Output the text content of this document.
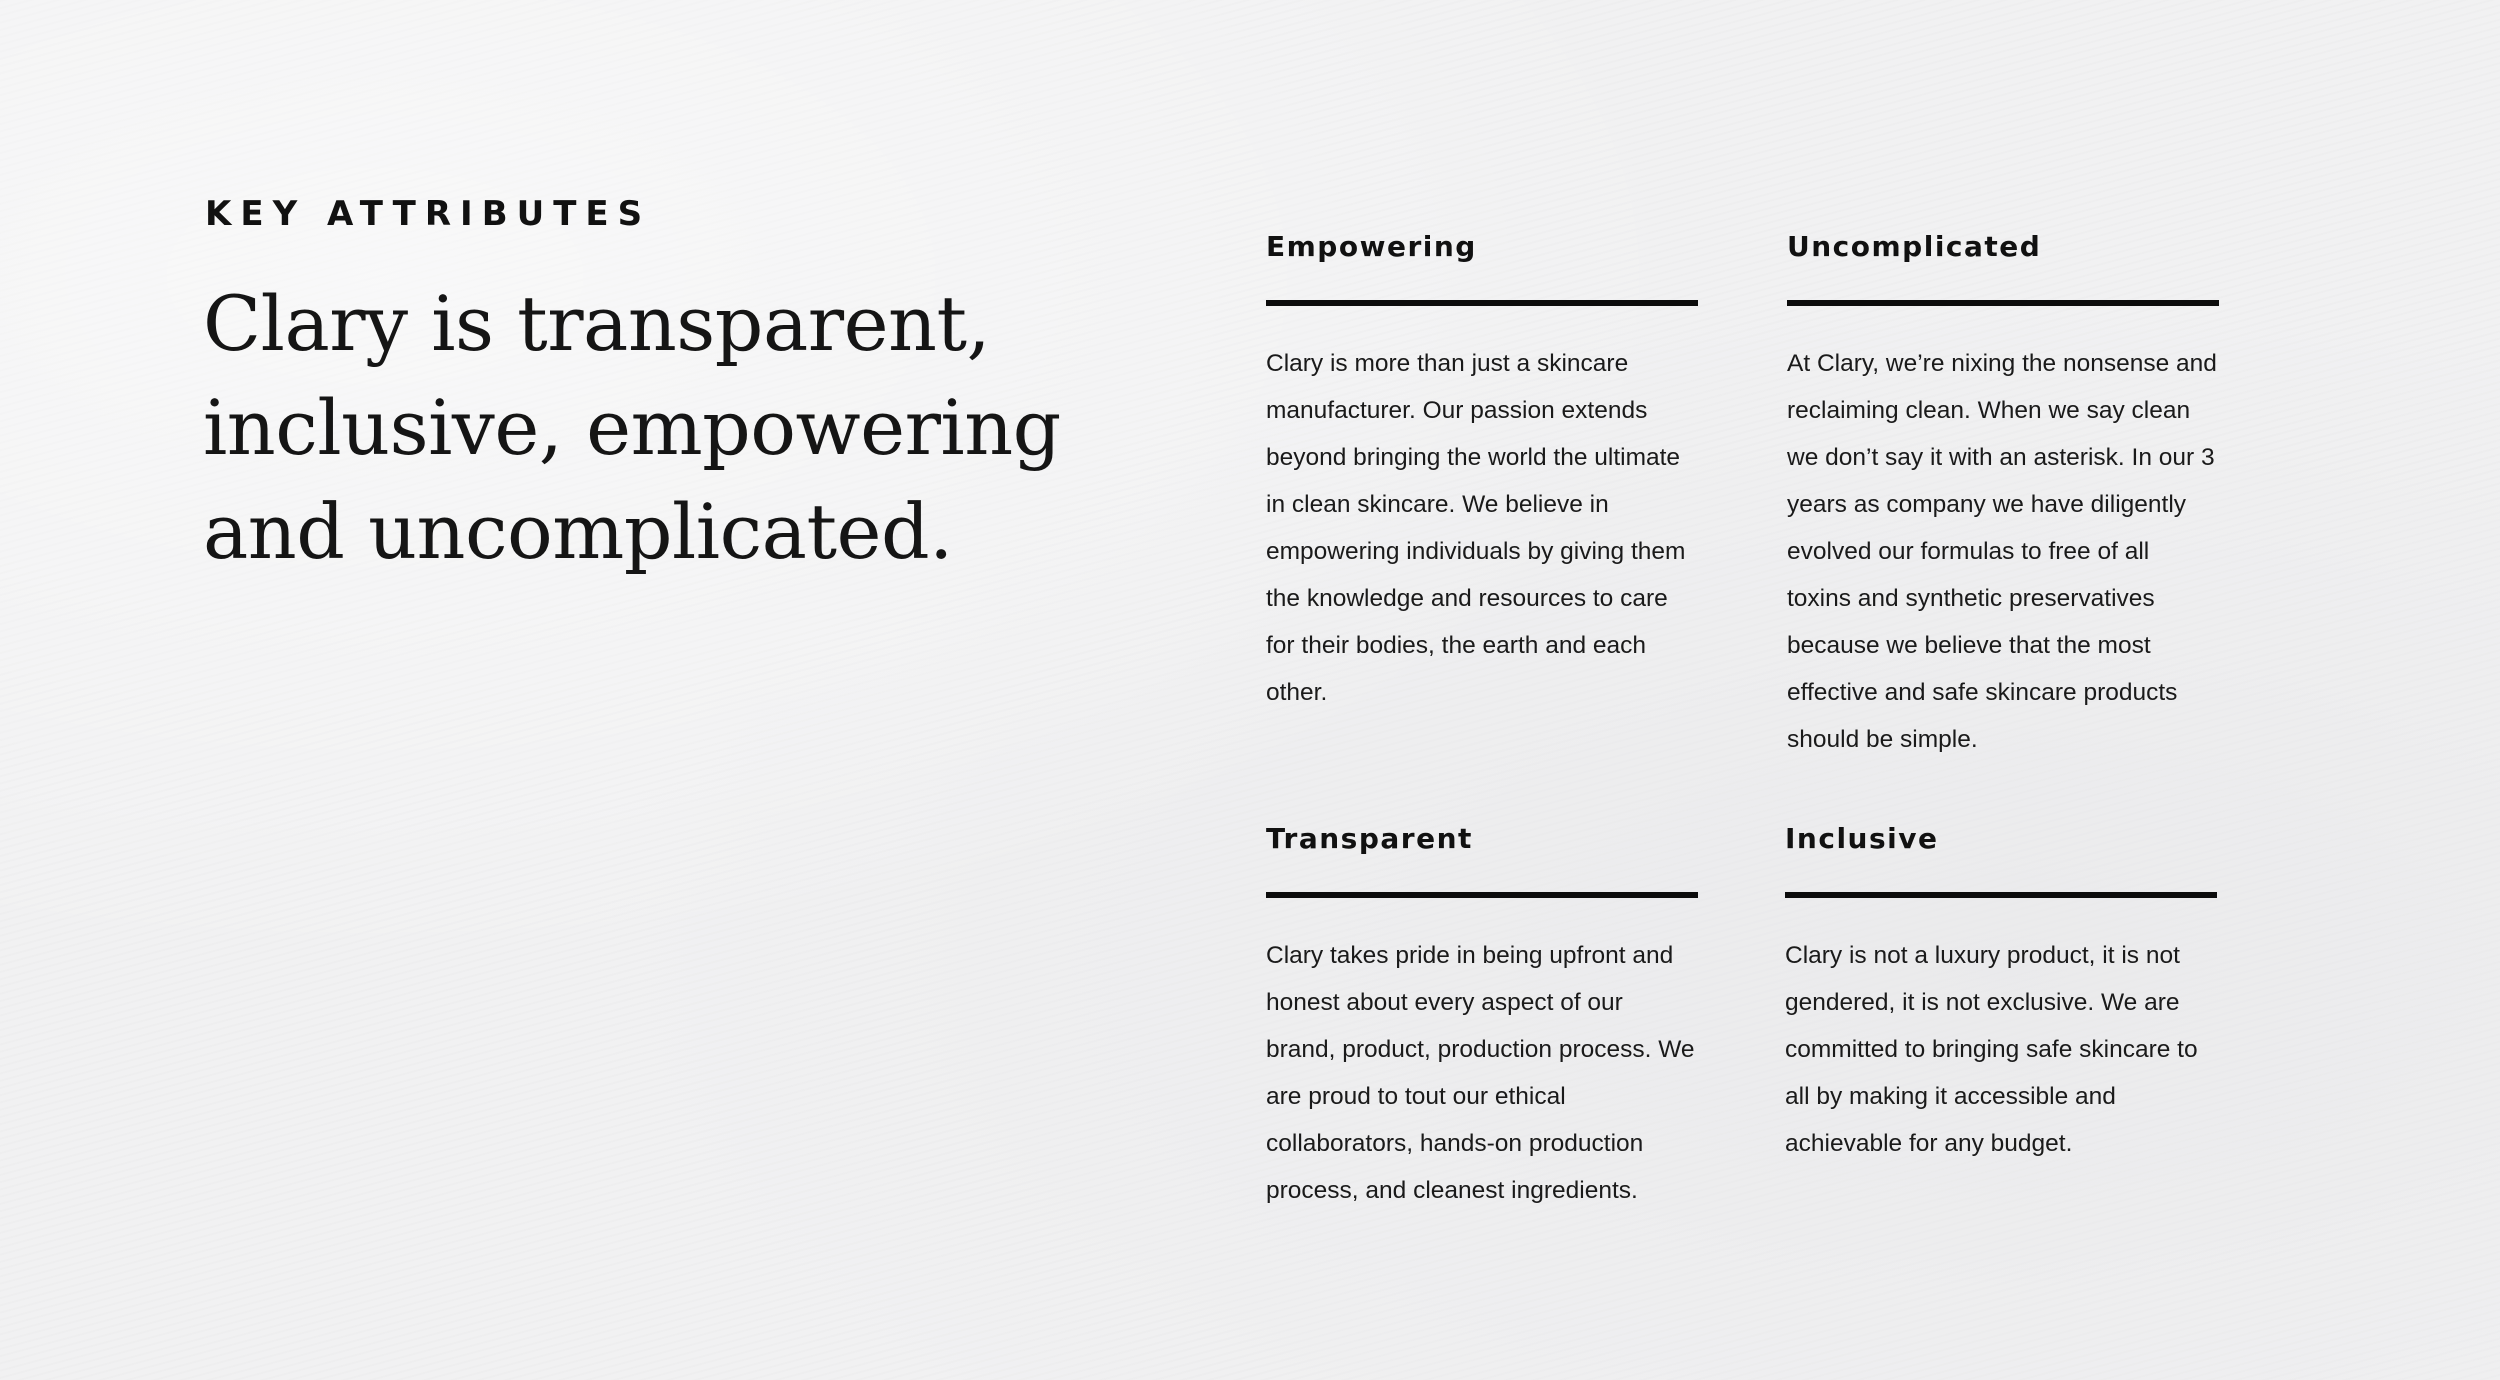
KEY ATTRIBUTES
Clary is transparent, inclusive, empowering and uncomplicated.
Empowering

Clary is more than just a skincare manufacturer. Our passion extends beyond bringing the world the ultimate in clean skincare. We believe in empowering individuals by giving them the knowledge and resources to care for their bodies, the earth and each other.

Uncomplicated

At Clary, we’re nixing the nonsense and reclaiming clean. When we say clean we don’t say it with an asterisk. In our 3 years as company we have diligently evolved our formulas to free of all toxins and synthetic preservatives because we believe that the most effective and safe skincare products should be simple.

Transparent

Clary takes pride in being upfront and honest about every aspect of our brand, product, production process. We are proud to tout our ethical collaborators, hands-on production process, and cleanest ingredients.

Inclusive

Clary is not a luxury product, it is not gendered, it is not exclusive. We are committed to bringing safe skincare to all by making it accessible and achievable for any budget.
